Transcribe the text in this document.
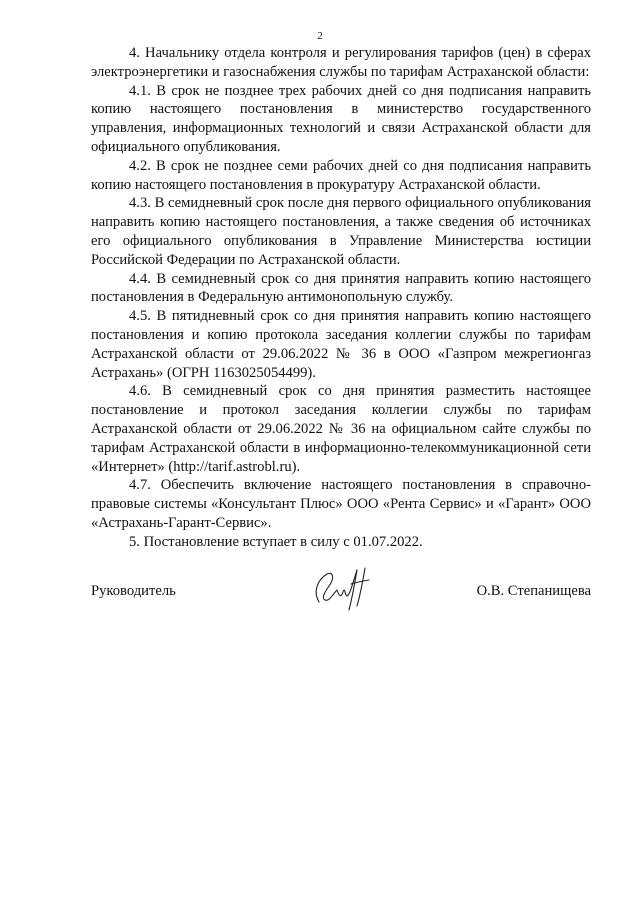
2

4. Начальнику отдела контроля и регулирования тарифов (цен) в сферах электроэнергетики и газоснабжения службы по тарифам Астраханской области:

4.1. В срок не позднее трех рабочих дней со дня подписания направить копию настоящего постановления в министерство государственного управления, информационных технологий и связи Астраханской области для официального опубликования.

4.2. В срок не позднее семи рабочих дней со дня подписания направить копию настоящего постановления в прокуратуру Астраханской области.

4.3. В семидневный срок после дня первого официального опубликования направить копию настоящего постановления, а также сведения об источниках его официального опубликования в Управление Министерства юстиции Российской Федерации по Астраханской области.

4.4. В семидневный срок со дня принятия направить копию настоящего постановления в Федеральную антимонопольную службу.

4.5. В пятидневный срок со дня принятия направить копию настоящего постановления и копию протокола заседания коллегии службы по тарифам Астраханской области от 29.06.2022 № 36 в ООО «Газпром межрегионгаз Астрахань» (ОГРН 1163025054499).

4.6. В семидневный срок со дня принятия разместить настоящее постановление и протокол заседания коллегии службы по тарифам Астраханской области от 29.06.2022 № 36 на официальном сайте службы по тарифам Астраханской области в информационно-телекоммуникационной сети «Интернет» (http://tarif.astrobl.ru).

4.7. Обеспечить включение настоящего постановления в справочно-правовые системы «Консультант Плюс» ООО «Рента Сервис» и «Гарант» ООО «Астрахань-Гарант-Сервис».

5. Постановление вступает в силу с 01.07.2022.

Руководитель	О.В. Степанищева
